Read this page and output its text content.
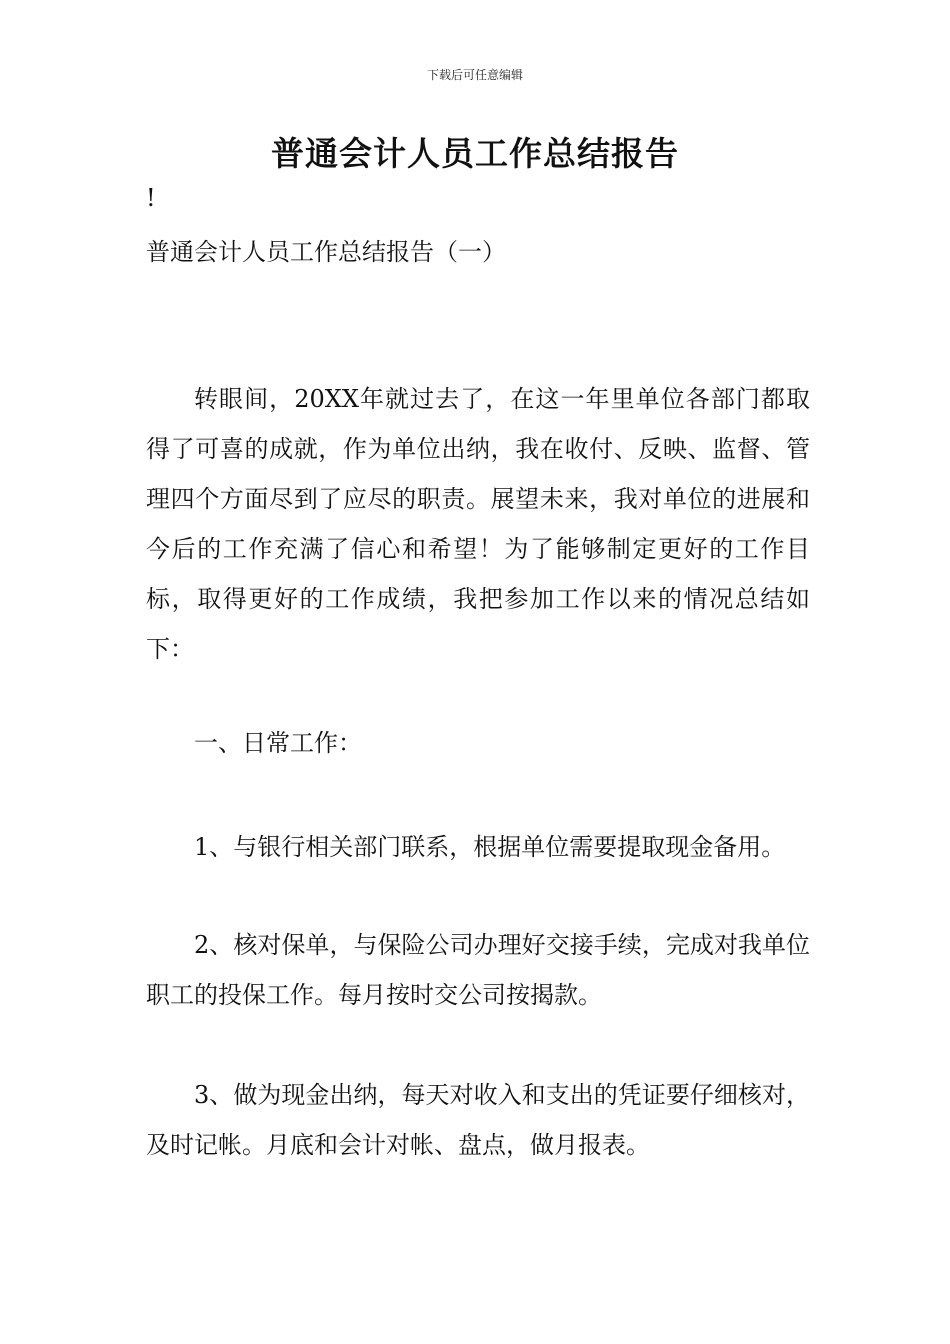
下载后可任意编辑
普通会计人员工作总结报告
!
普通会计人员工作总结报告（一）

转眼间，20XX年就过去了，在这一年里单位各部门都取得了可喜的成就，作为单位出纳，我在收付、反映、监督、管理四个方面尽到了应尽的职责。展望未来，我对单位的进展和今后的工作充满了信心和希望！为了能够制定更好的工作目标，取得更好的工作成绩，我把参加工作以来的情况总结如下：

一、日常工作：

1、与银行相关部门联系，根据单位需要提取现金备用。

2、核对保单，与保险公司办理好交接手续，完成对我单位职工的投保工作。每月按时交公司按揭款。

3、做为现金出纳，每天对收入和支出的凭证要仔细核对，及时记帐。月底和会计对帐、盘点，做月报表。
